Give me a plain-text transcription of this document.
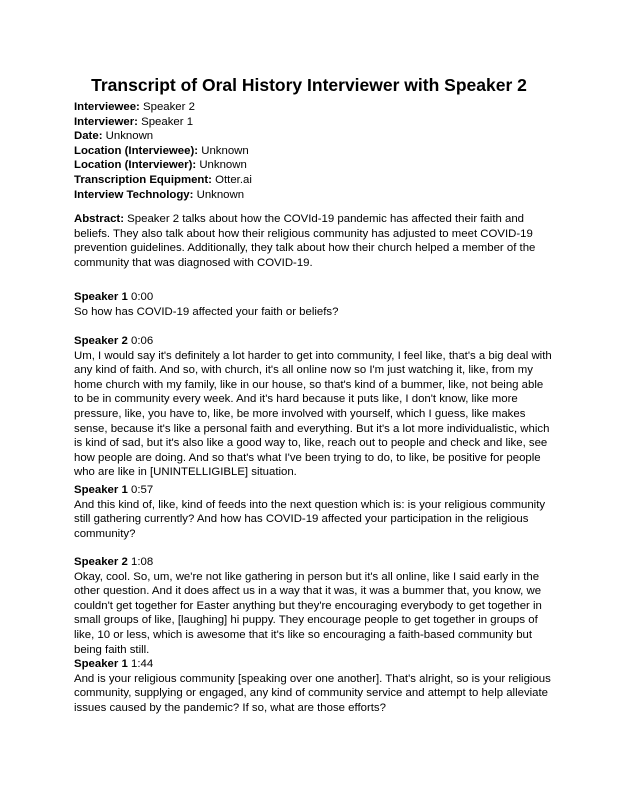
Transcript of Oral History Interviewer with Speaker 2
Interviewee: Speaker 2
Interviewer: Speaker 1
Date: Unknown
Location (Interviewee): Unknown
Location (Interviewer): Unknown
Transcription Equipment: Otter.ai
Interview Technology: Unknown

Abstract: Speaker 2 talks about how the COVId-19 pandemic has affected their faith and beliefs. They also talk about how their religious community has adjusted to meet COVID-19 prevention guidelines. Additionally, they talk about how their church helped a member of the community that was diagnosed with COVID-19.

Speaker 1 0:00

So how has COVID-19 affected your faith or beliefs?

Speaker 2 0:06

Um, I would say it's definitely a lot harder to get into community, I feel like, that's a big deal with any kind of faith. And so, with church, it's all online now so I'm just watching it, like, from my home church with my family, like in our house, so that's kind of a bummer, like, not being able to be in community every week. And it's hard because it puts like, I don't know, like more pressure, like, you have to, like, be more involved with yourself, which I guess, like makes sense, because it's like a personal faith and everything. But it's a lot more individualistic, which is kind of sad, but it's also like a good way to, like, reach out to people and check and like, see how people are doing. And so that's what I've been trying to do, to like, be positive for people who are like in [UNINTELLIGIBLE] situation.

Speaker 1 0:57

And this kind of, like, kind of feeds into the next question which is: is your religious community still gathering currently? And how has COVID-19 affected your participation in the religious community?

Speaker 2 1:08

Okay, cool. So, um, we're not like gathering in person but it's all online, like I said early in the other question. And it does affect us in a way that it was, it was a bummer that, you know, we couldn't get together for Easter anything but they're encouraging everybody to get together in small groups of like, [laughing] hi puppy. They encourage people to get together in groups of like, 10 or less, which is awesome that it's like so encouraging a faith-based community but being faith still.

Speaker 1 1:44

And is your religious community [speaking over one another]. That's alright, so is your religious community, supplying or engaged, any kind of community service and attempt to help alleviate issues caused by the pandemic? If so, what are those efforts?
